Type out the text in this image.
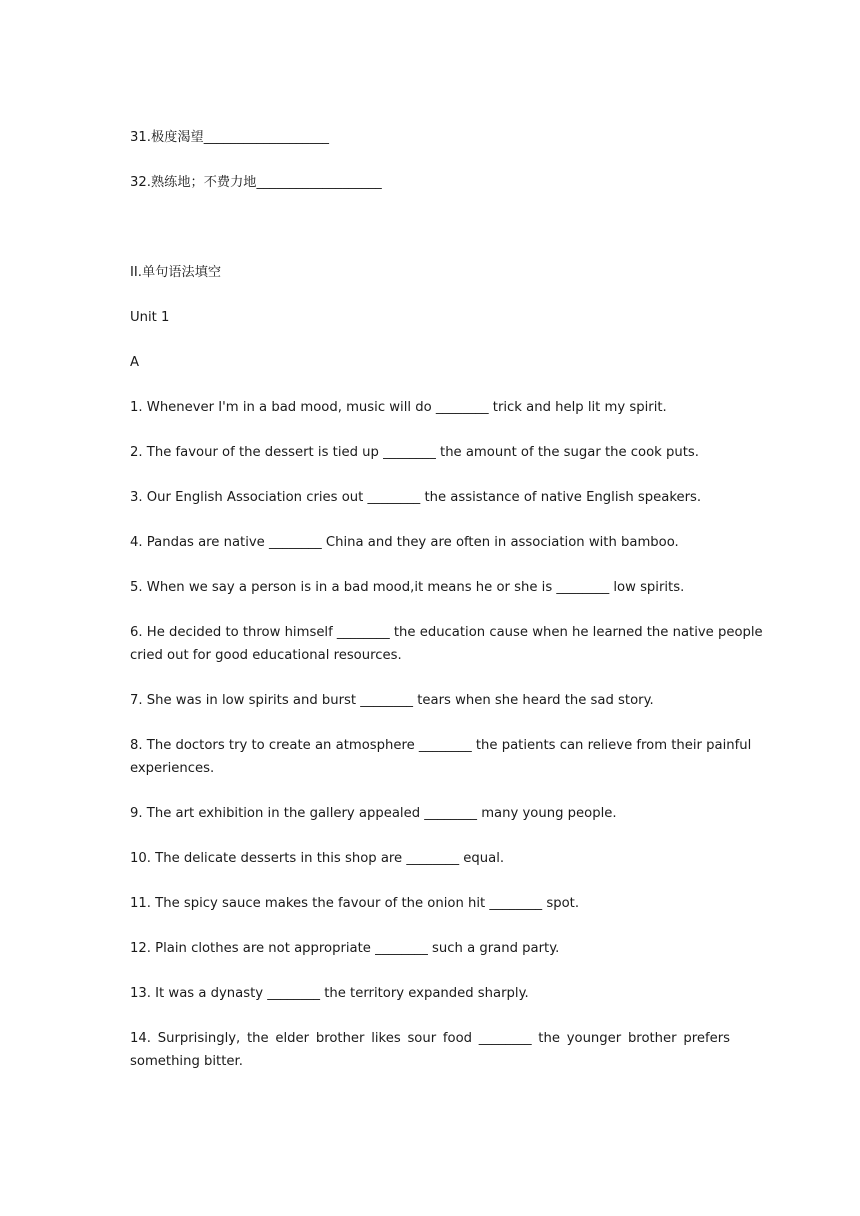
31.极度渴望___________________

32.熟练地；不费力地___________________

II.单句语法填空

Unit 1

A

1. Whenever I'm in a bad mood, music will do ________ trick and help lit my spirit.

2. The favour of the dessert is tied up ________ the amount of the sugar the cook puts.

3. Our English Association cries out ________ the assistance of native English speakers.

4. Pandas are native ________ China and they are often in association with bamboo.

5. When we say a person is in a bad mood,it means he or she is ________ low spirits.

6. He decided to throw himself ________ the education cause when he learned the native people
cried out for good educational resources.

7. She was in low spirits and burst ________ tears when she heard the sad story.

8. The doctors try to create an atmosphere ________ the patients can relieve from their painful
experiences.

9. The art exhibition in the gallery appealed ________ many young people.

10. The delicate desserts in this shop are ________ equal.

11. The spicy sauce makes the favour of the onion hit ________ spot.

12. Plain clothes are not appropriate ________ such a grand party.

13. It was a dynasty ________ the territory expanded sharply.

14. Surprisingly, the elder brother likes sour food ________ the younger brother prefers
something bitter.
